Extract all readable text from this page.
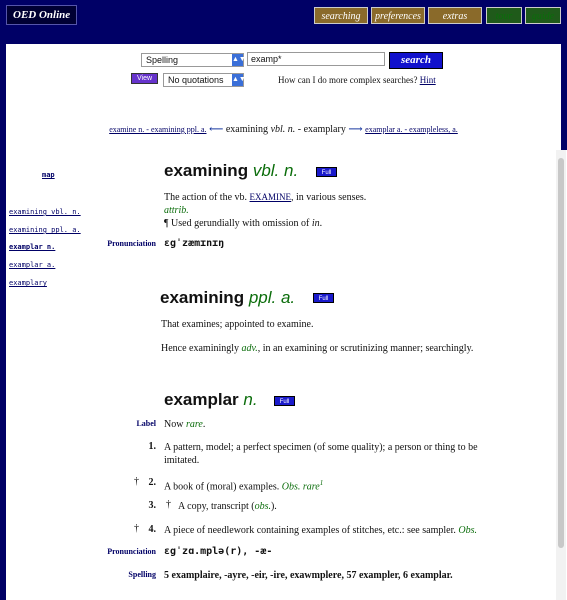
OED Online	searching	preferences	extras	tour	guide
Spelling	▲▼ examp*	search
View	No quotations ▲▼	How can I do more complex searches? Hint
examine n. - examining ppl. a. ⟵ examining vbl. n. - examplary ⟶ examplar a. - exampleless, a.
map
examining vbl. n.
examining ppl. a.
examplar n.
examplar a.
examplary
examining vbl. n.	Full
The action of the vb. EXAMINE, in various senses.
attrib.
¶ Used gerundially with omission of in.
Pronunciation ɛgˈzæmɪnɪŋ
examining ppl. a.	Full
That examines; appointed to examine.
Hence examiningly adv., in an examining or scrutinizing manner; searchingly.
examplar n.	Full
Label Now rare.
1. A pattern, model; a perfect specimen (of some quality); a person or thing to be
imitated.
† 2. A book of (moral) examples. Obs. rare$^1$
3. † A copy, transcript (obs.).
† 4. A piece of needlework containing examples of stitches, etc.: see sampler. Obs.
Pronunciation ɛgˈzɑ.mplə(r), -æ-
Spelling 5 examplaire, -ayre, -eir, -ire, exawmplere, 57 exampler, 6 examplar.
